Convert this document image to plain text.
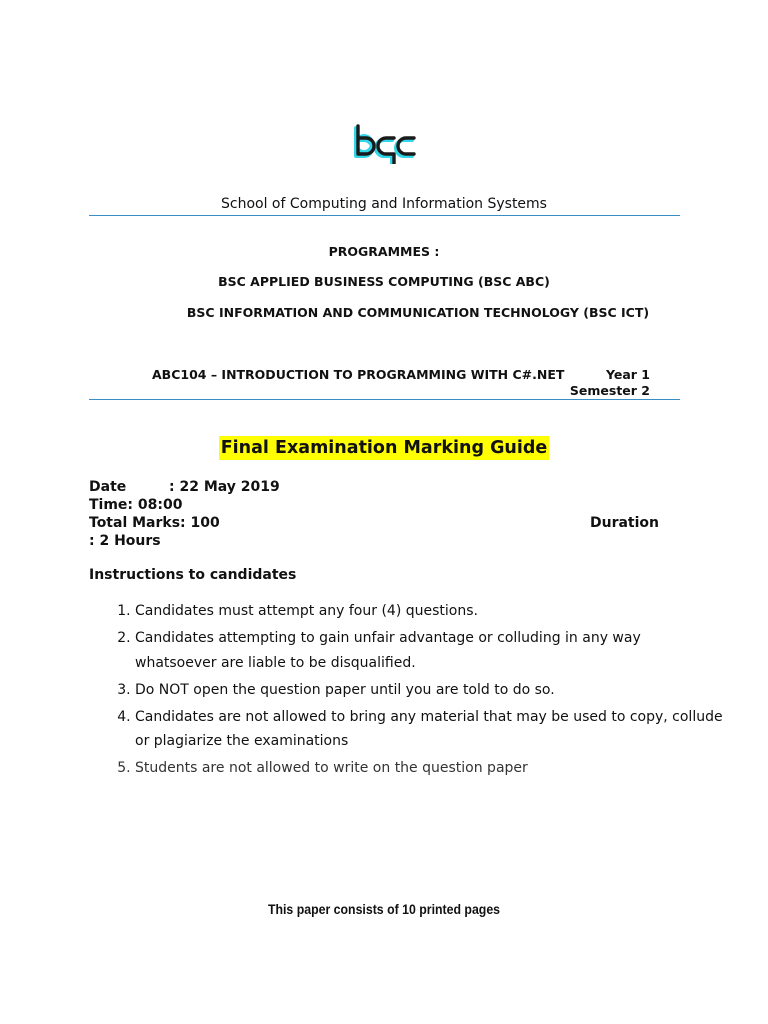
School of Computing and Information Systems
PROGRAMMES :
BSC APPLIED BUSINESS COMPUTING (BSC ABC)
BSC INFORMATION AND COMMUNICATION TECHNOLOGY (BSC ICT)
ABC104 – INTRODUCTION TO PROGRAMMING WITH C#.NET	Year 1
Semester 2
Final Examination Marking Guide
Date	: 22 May 2019
Time: 08:00
Total Marks: 100	Duration
: 2 Hours
Instructions to candidates
1. Candidates must attempt any four (4) questions.
2. Candidates attempting to gain unfair advantage or colluding in any way whatsoever are liable to be disqualified.
3. Do NOT open the question paper until you are told to do so.
4. Candidates are not allowed to bring any material that may be used to copy, collude or plagiarize the examinations
5. Students are not allowed to write on the question paper
This paper consists of 10 printed pages
